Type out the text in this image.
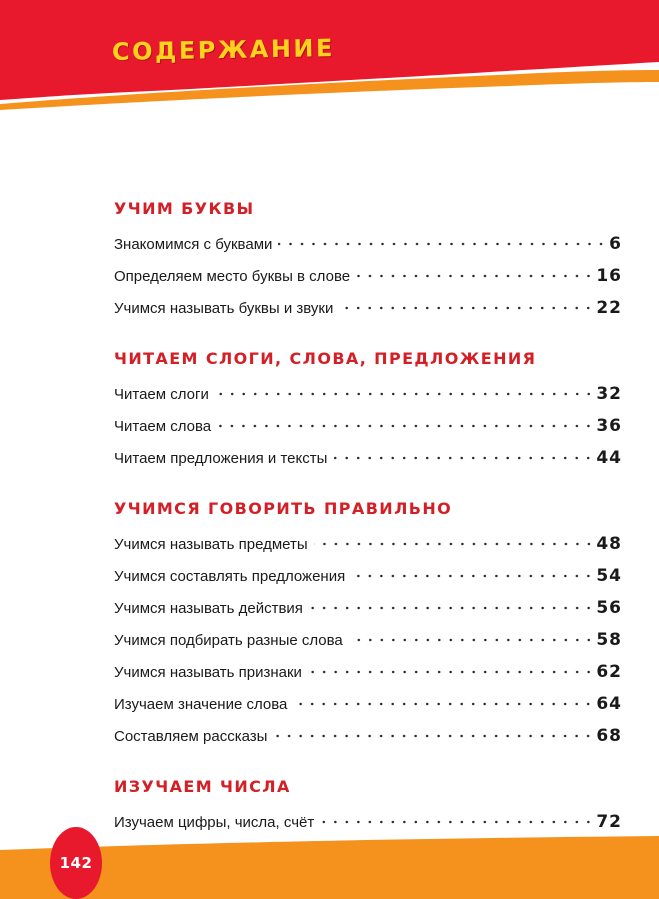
СОДЕРЖАНИЕ
УЧИМ БУКВЫ
Знакомимся с буквами	6
Определяем место буквы в слове	16
Учимся называть буквы и звуки	22
ЧИТАЕМ СЛОГИ, СЛОВА, ПРЕДЛОЖЕНИЯ
Читаем слоги	32
Читаем слова	36
Читаем предложения и тексты	44
УЧИМСЯ ГОВОРИТЬ ПРАВИЛЬНО
Учимся называть предметы	48
Учимся составлять предложения	54
Учимся называть действия	56
Учимся подбирать разные слова	58
Учимся называть признаки	62
Изучаем значение слова	64
Составляем рассказы	68
ИЗУЧАЕМ ЧИСЛА
Изучаем цифры, числа, счёт	72
142
